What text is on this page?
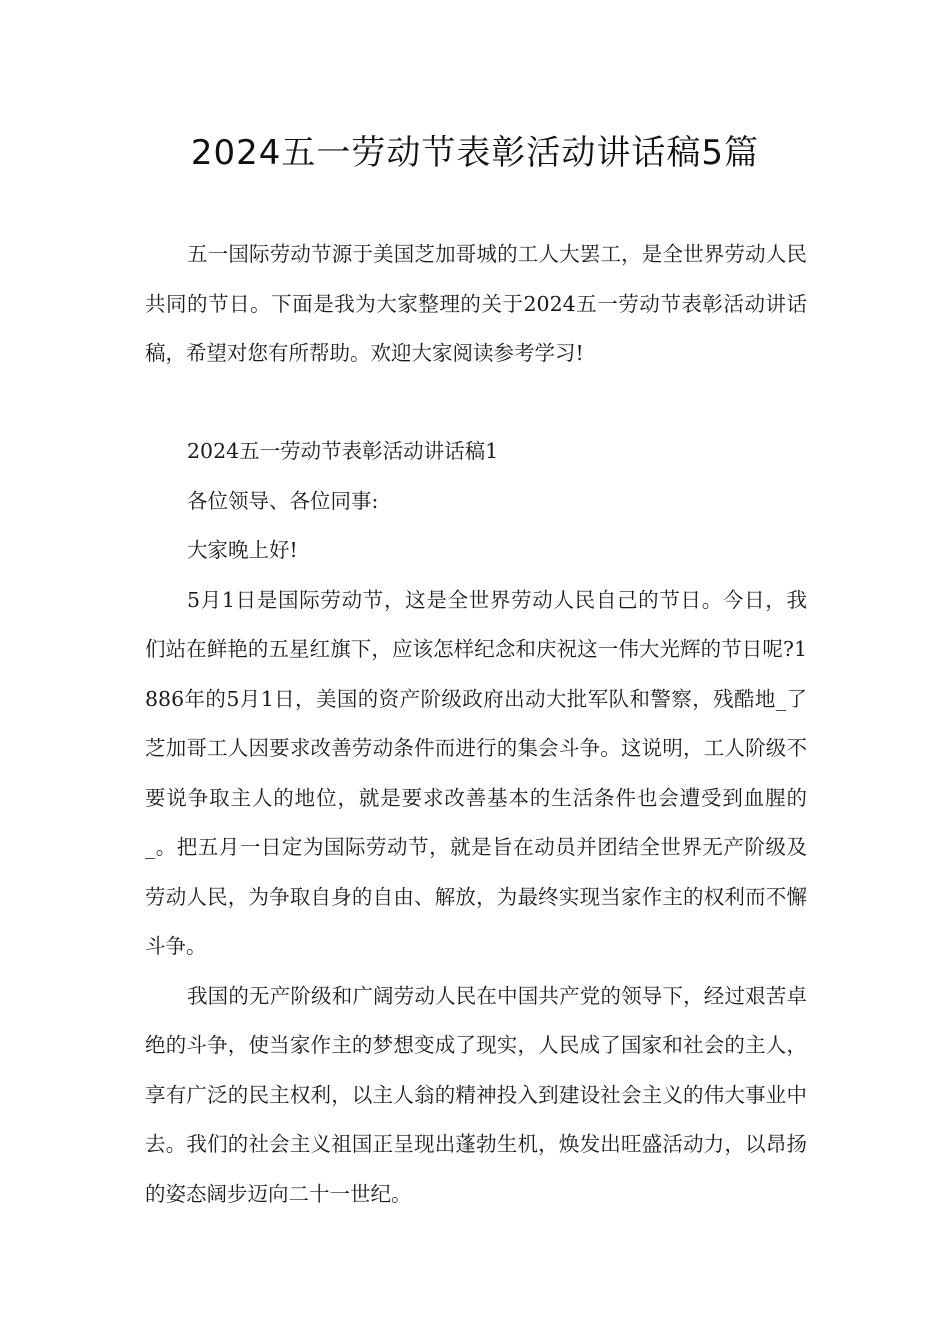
2024五一劳动节表彰活动讲话稿5篇

五一国际劳动节源于美国芝加哥城的工人大罢工，是全世界劳动人民共同的节日。下面是我为大家整理的关于2024五一劳动节表彰活动讲话稿，希望对您有所帮助。欢迎大家阅读参考学习!

2024五一劳动节表彰活动讲话稿1

各位领导、各位同事:

大家晚上好!

5月1日是国际劳动节，这是全世界劳动人民自己的节日。今日，我们站在鲜艳的五星红旗下，应该怎样纪念和庆祝这一伟大光辉的节日呢?1886年的5月1日，美国的资产阶级政府出动大批军队和警察，残酷地_了芝加哥工人因要求改善劳动条件而进行的集会斗争。这说明，工人阶级不要说争取主人的地位，就是要求改善基本的生活条件也会遭受到血腥的_。把五月一日定为国际劳动节，就是旨在动员并团结全世界无产阶级及劳动人民，为争取自身的自由、解放，为最终实现当家作主的权利而不懈斗争。

我国的无产阶级和广阔劳动人民在中国共产党的领导下，经过艰苦卓绝的斗争，使当家作主的梦想变成了现实，人民成了国家和社会的主人，享有广泛的民主权利，以主人翁的精神投入到建设社会主义的伟大事业中去。我们的社会主义祖国正呈现出蓬勃生机，焕发出旺盛活动力，以昂扬的姿态阔步迈向二十一世纪。
